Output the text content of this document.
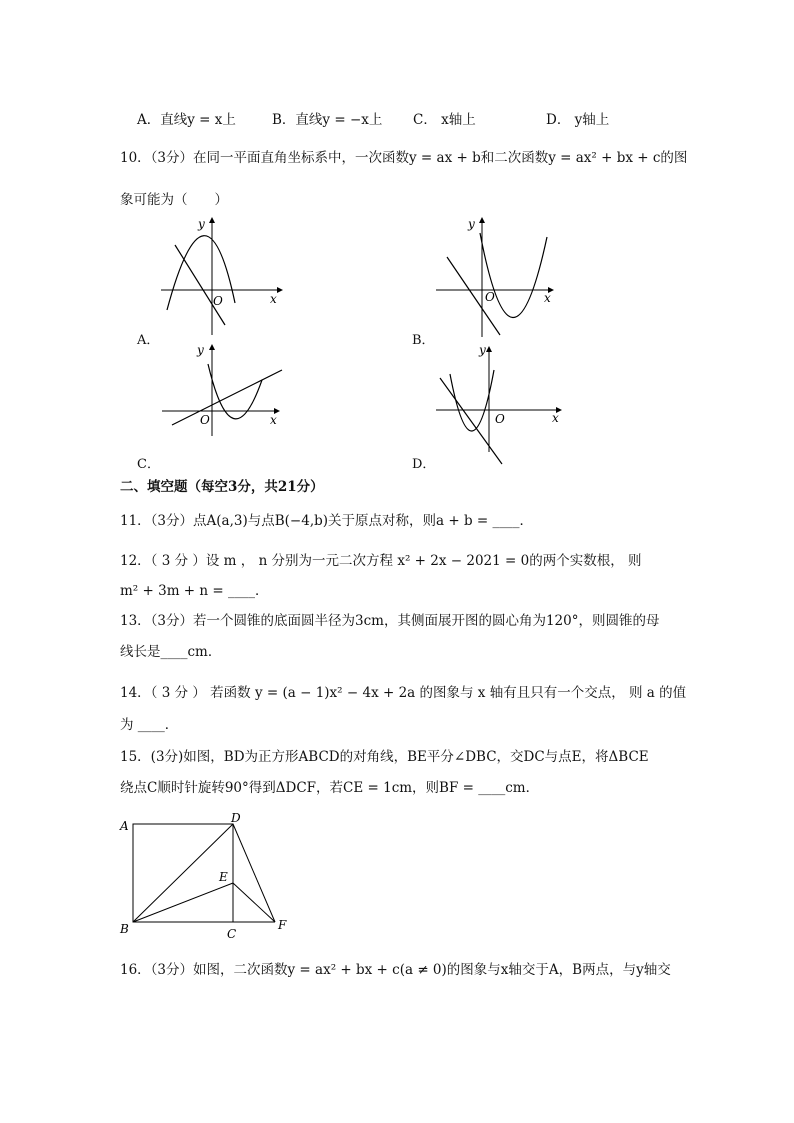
A．直线y = x上	B．直线y = −x上 C． x轴上	D． y轴上
10．（3分）在同一平面直角坐标系中，一次函数y = ax + b和二次函数y = ax² + bx + c的图
象可能为（　　）
y
x
O
A．
y
x
O
B．
y
x
O
C．
y
x
O
D．
二、填空题（每空3分，共21分）
11．（3分）点A(a,3)与点B(−4,b)关于原点对称，则a + b = ____．
12．（ 3 分 ）设 m ， n 分别为一元二次方程 x² + 2x − 2021 = 0的两个实数根， 则
m² + 3m + n = ____．
13．（3分）若一个圆锥的底面圆半径为3cm，其侧面展开图的圆心角为120°，则圆锥的母
线长是____cm．
14．（ 3 分 ） 若函数 y = (a − 1)x² − 4x + 2a 的图象与 x 轴有且只有一个交点， 则 a 的值
为 ____．
15．(3分)如图，BD为正方形ABCD的对角线，BE平分∠DBC，交DC与点E，将ΔBCE
绕点C顺时针旋转90°得到ΔDCF，若CE = 1cm，则BF = ____cm．
A
D
E
B	C
F
16．（3分）如图，二次函数y = ax² + bx + c(a ≠ 0)的图象与x轴交于A，B两点，与y轴交
